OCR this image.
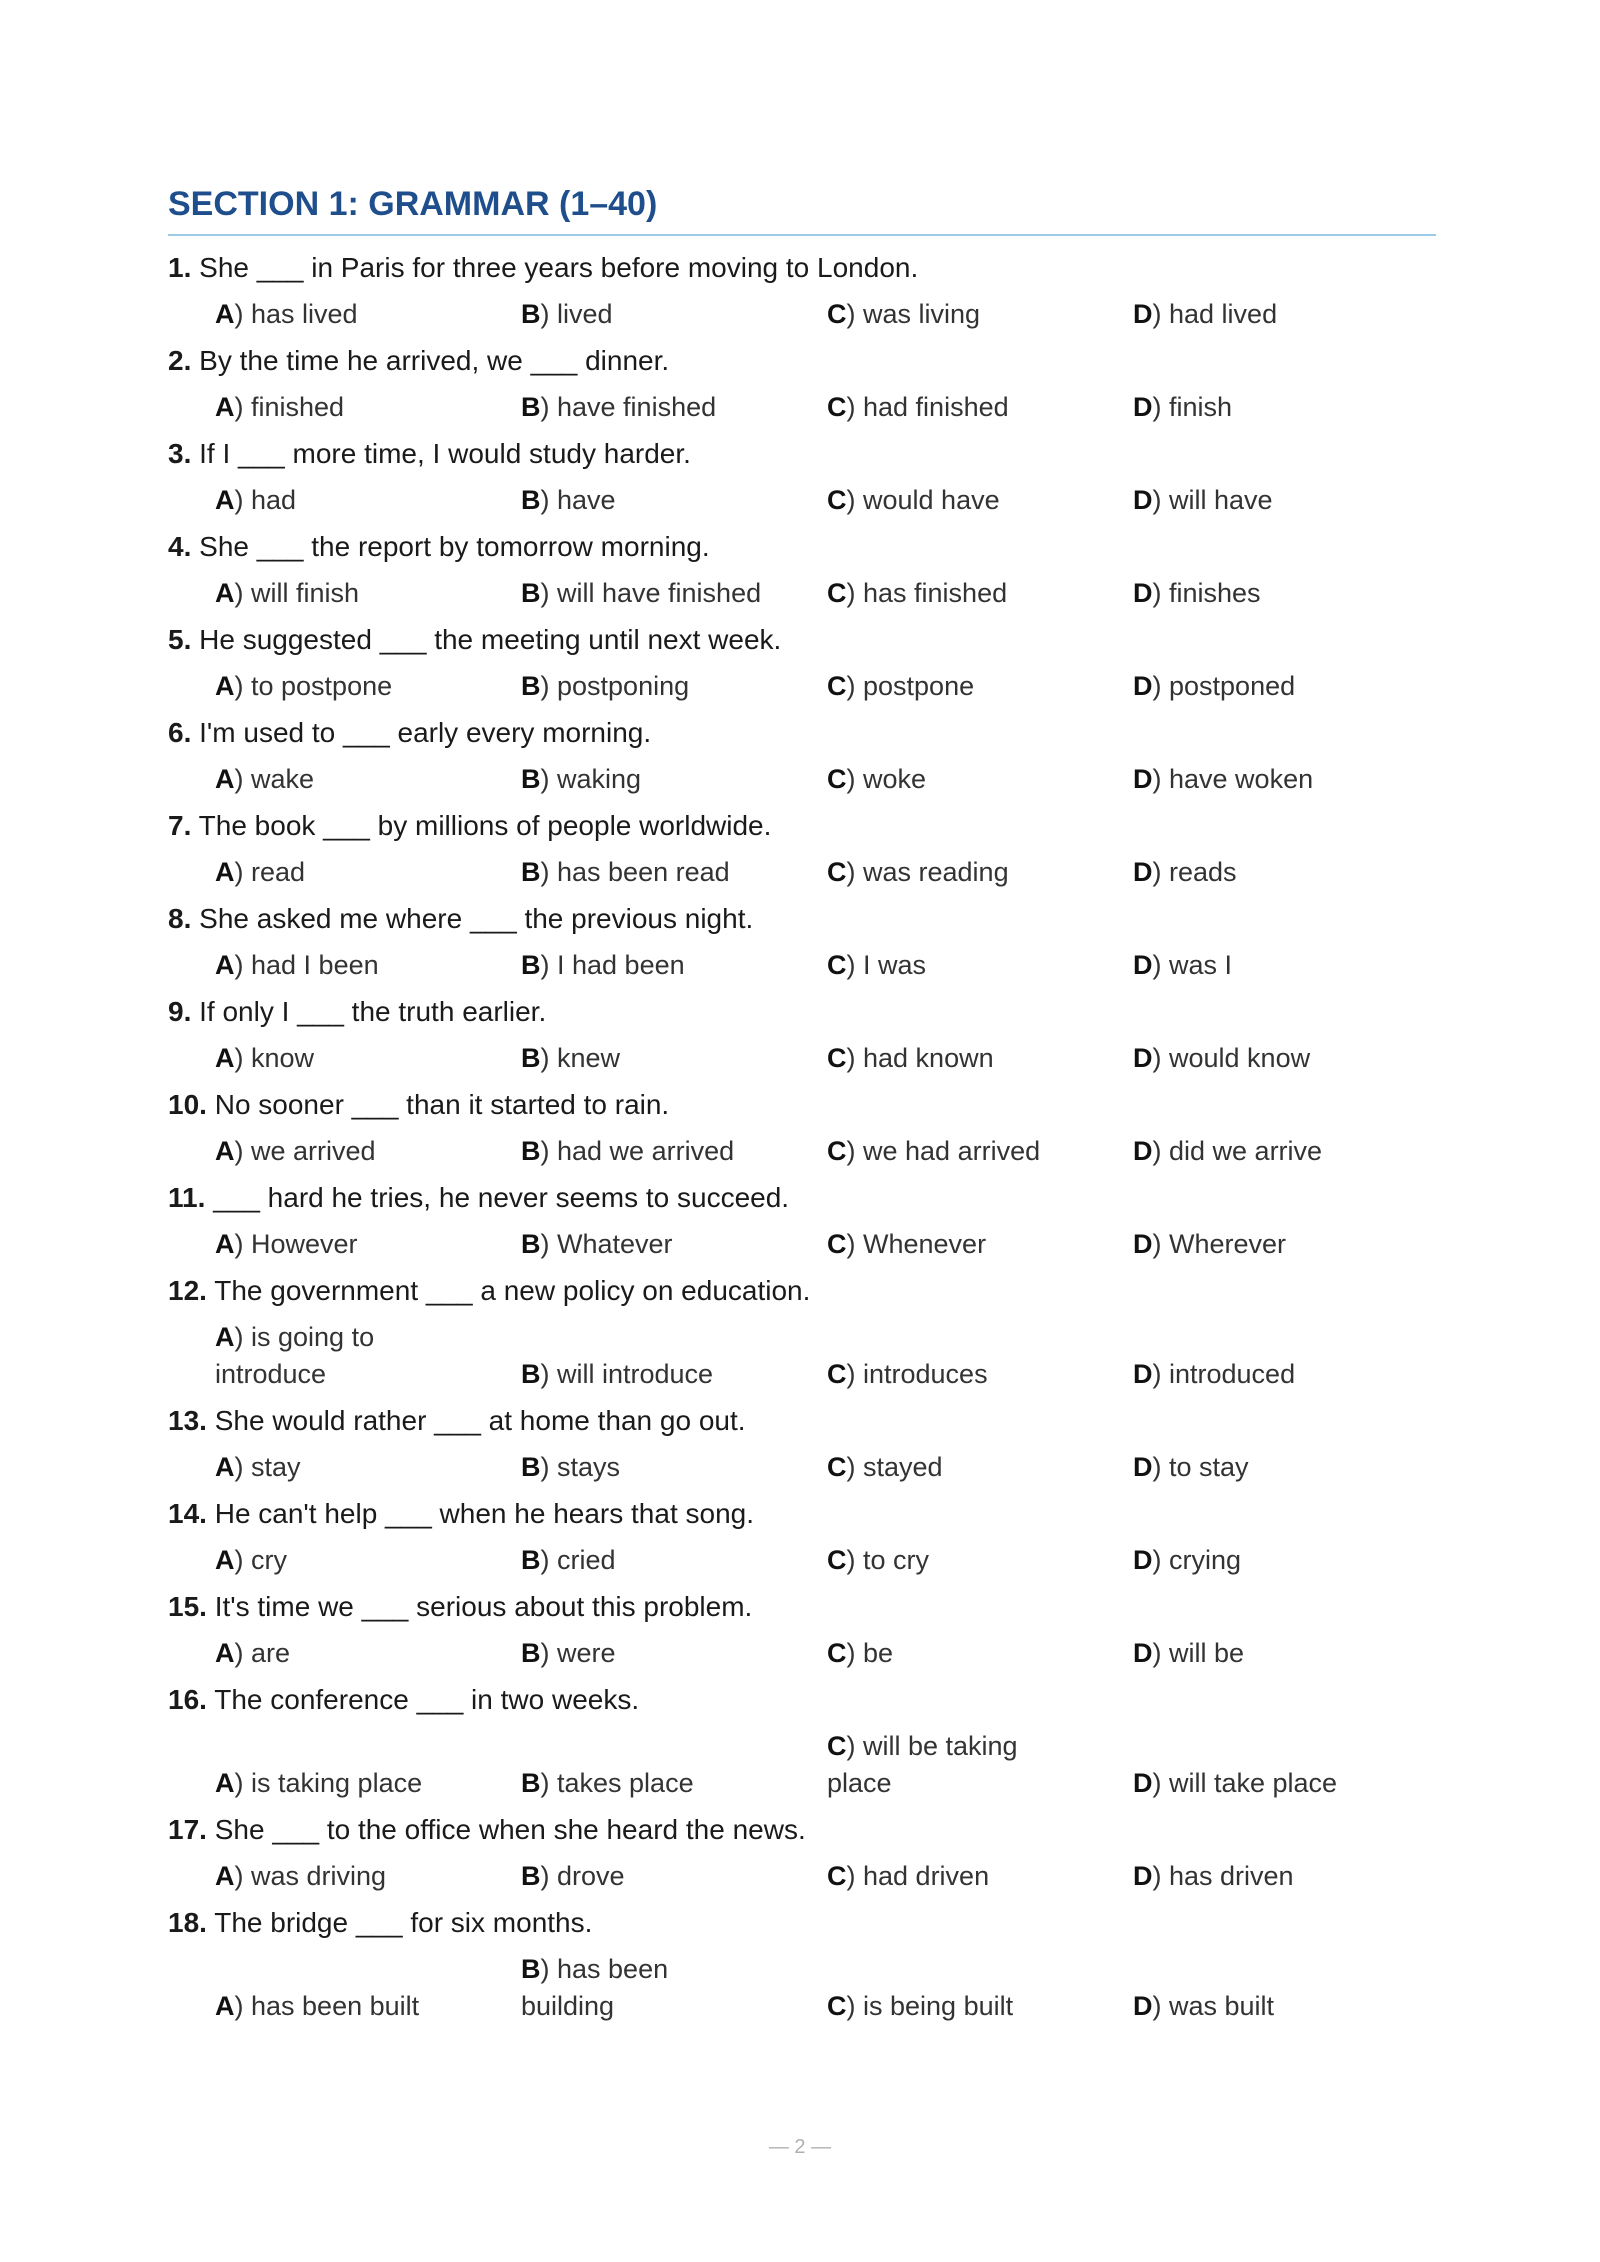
SECTION 1: GRAMMAR (1–40)
1. She ___ in Paris for three years before moving to London.
A) has lived	B) lived	C) was living	D) had lived
2. By the time he arrived, we ___ dinner.
A) finished	B) have finished	C) had finished	D) finish
3. If I ___ more time, I would study harder.
A) had	B) have	C) would have	D) will have
4. She ___ the report by tomorrow morning.
A) will finish	B) will have finished	C) has finished	D) finishes
5. He suggested ___ the meeting until next week.
A) to postpone	B) postponing	C) postpone	D) postponed
6. I'm used to ___ early every morning.
A) wake	B) waking	C) woke	D) have woken
7. The book ___ by millions of people worldwide.
A) read	B) has been read	C) was reading	D) reads
8. She asked me where ___ the previous night.
A) had I been	B) I had been	C) I was	D) was I
9. If only I ___ the truth earlier.
A) know	B) knew	C) had known	D) would know
10. No sooner ___ than it started to rain.
A) we arrived	B) had we arrived	C) we had arrived	D) did we arrive
11. ___ hard he tries, he never seems to succeed.
A) However	B) Whatever	C) Whenever	D) Wherever
12. The government ___ a new policy on education.
A) is going to introduce	B) will introduce	C) introduces	D) introduced
13. She would rather ___ at home than go out.
A) stay	B) stays	C) stayed	D) to stay
14. He can't help ___ when he hears that song.
A) cry	B) cried	C) to cry	D) crying
15. It's time we ___ serious about this problem.
A) are	B) were	C) be	D) will be
16. The conference ___ in two weeks.
A) is taking place	B) takes place
C) will be taking place	D) will take place
17. She ___ to the office when she heard the news.
A) was driving	B) drove	C) had driven	D) has driven
18. The bridge ___ for six months.
A) has been built
B) has been building	C) is being built	D) was built
— 2 —
